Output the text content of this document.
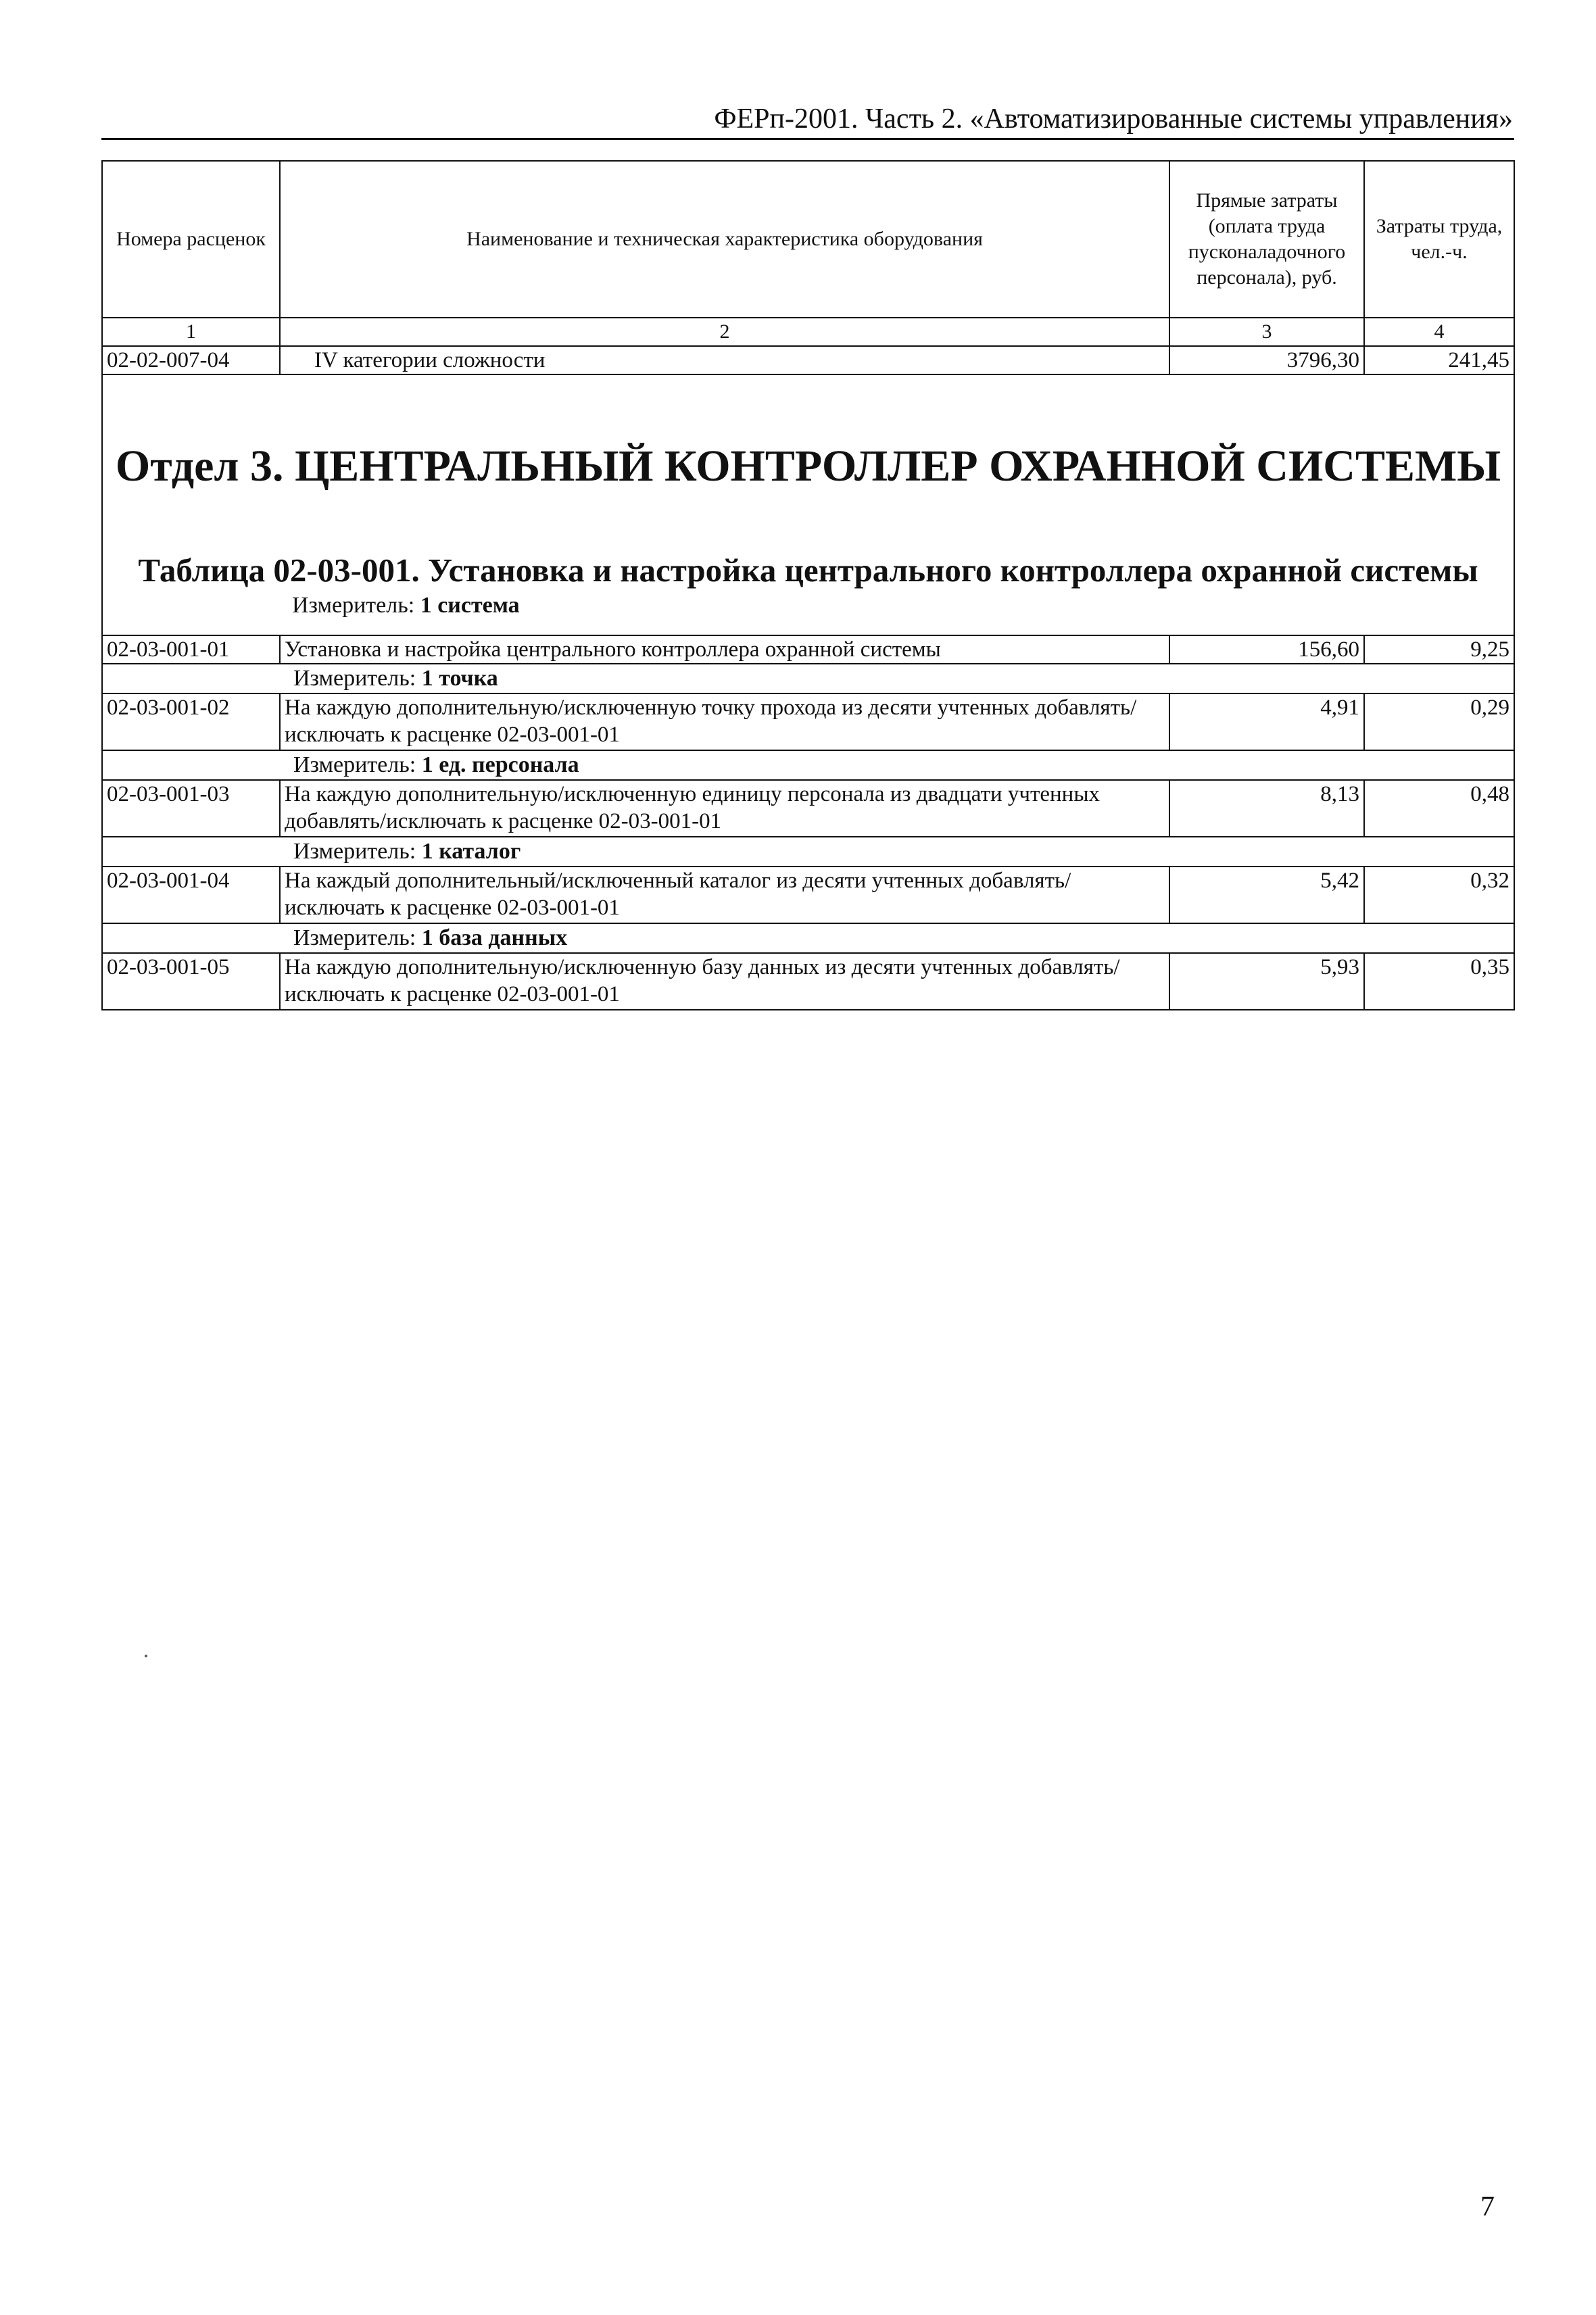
ФЕРп-2001. Часть 2. «Автоматизированные системы управления»
Номера расценок	Наименование и техническая характеристика оборудования	Прямые затраты (оплата труда пусконаладочного персонала), руб.	Затраты труда, чел.-ч.
1	2	3	4
02-02-007-04	IV категории сложности	3796,30	241,45

Отдел 3. ЦЕНТРАЛЬНЫЙ КОНТРОЛЛЕР ОХРАННОЙ СИСТЕМЫ
Таблица 02-03-001. Установка и настройка центрального контроллера охранной системы
Измеритель: 1 система			

02-03-001-01	Установка и настройка центрального контроллера охранной системы	156,60	9,25

Измеритель: 1 точка			

02-03-001-02	На каждую дополнительную/исключенную точку прохода из десяти учтенных добавлять/исключать к расценке 02-03-001-01	4,91	0,29

Измеритель: 1 ед. персонала			

02-03-001-03	На каждую дополнительную/исключенную единицу персонала из двадцати учтенных добавлять/исключать к расценке 02-03-001-01	8,13	0,48

Измеритель: 1 каталог			

02-03-001-04	На каждый дополнительный/исключенный каталог из десяти учтенных добавлять/исключать к расценке 02-03-001-01	5,42	0,32

Измеритель: 1 база данных			

02-03-001-05	На каждую дополнительную/исключенную базу данных из десяти учтенных добавлять/исключать к расценке 02-03-001-01	5,93	0,35
7
